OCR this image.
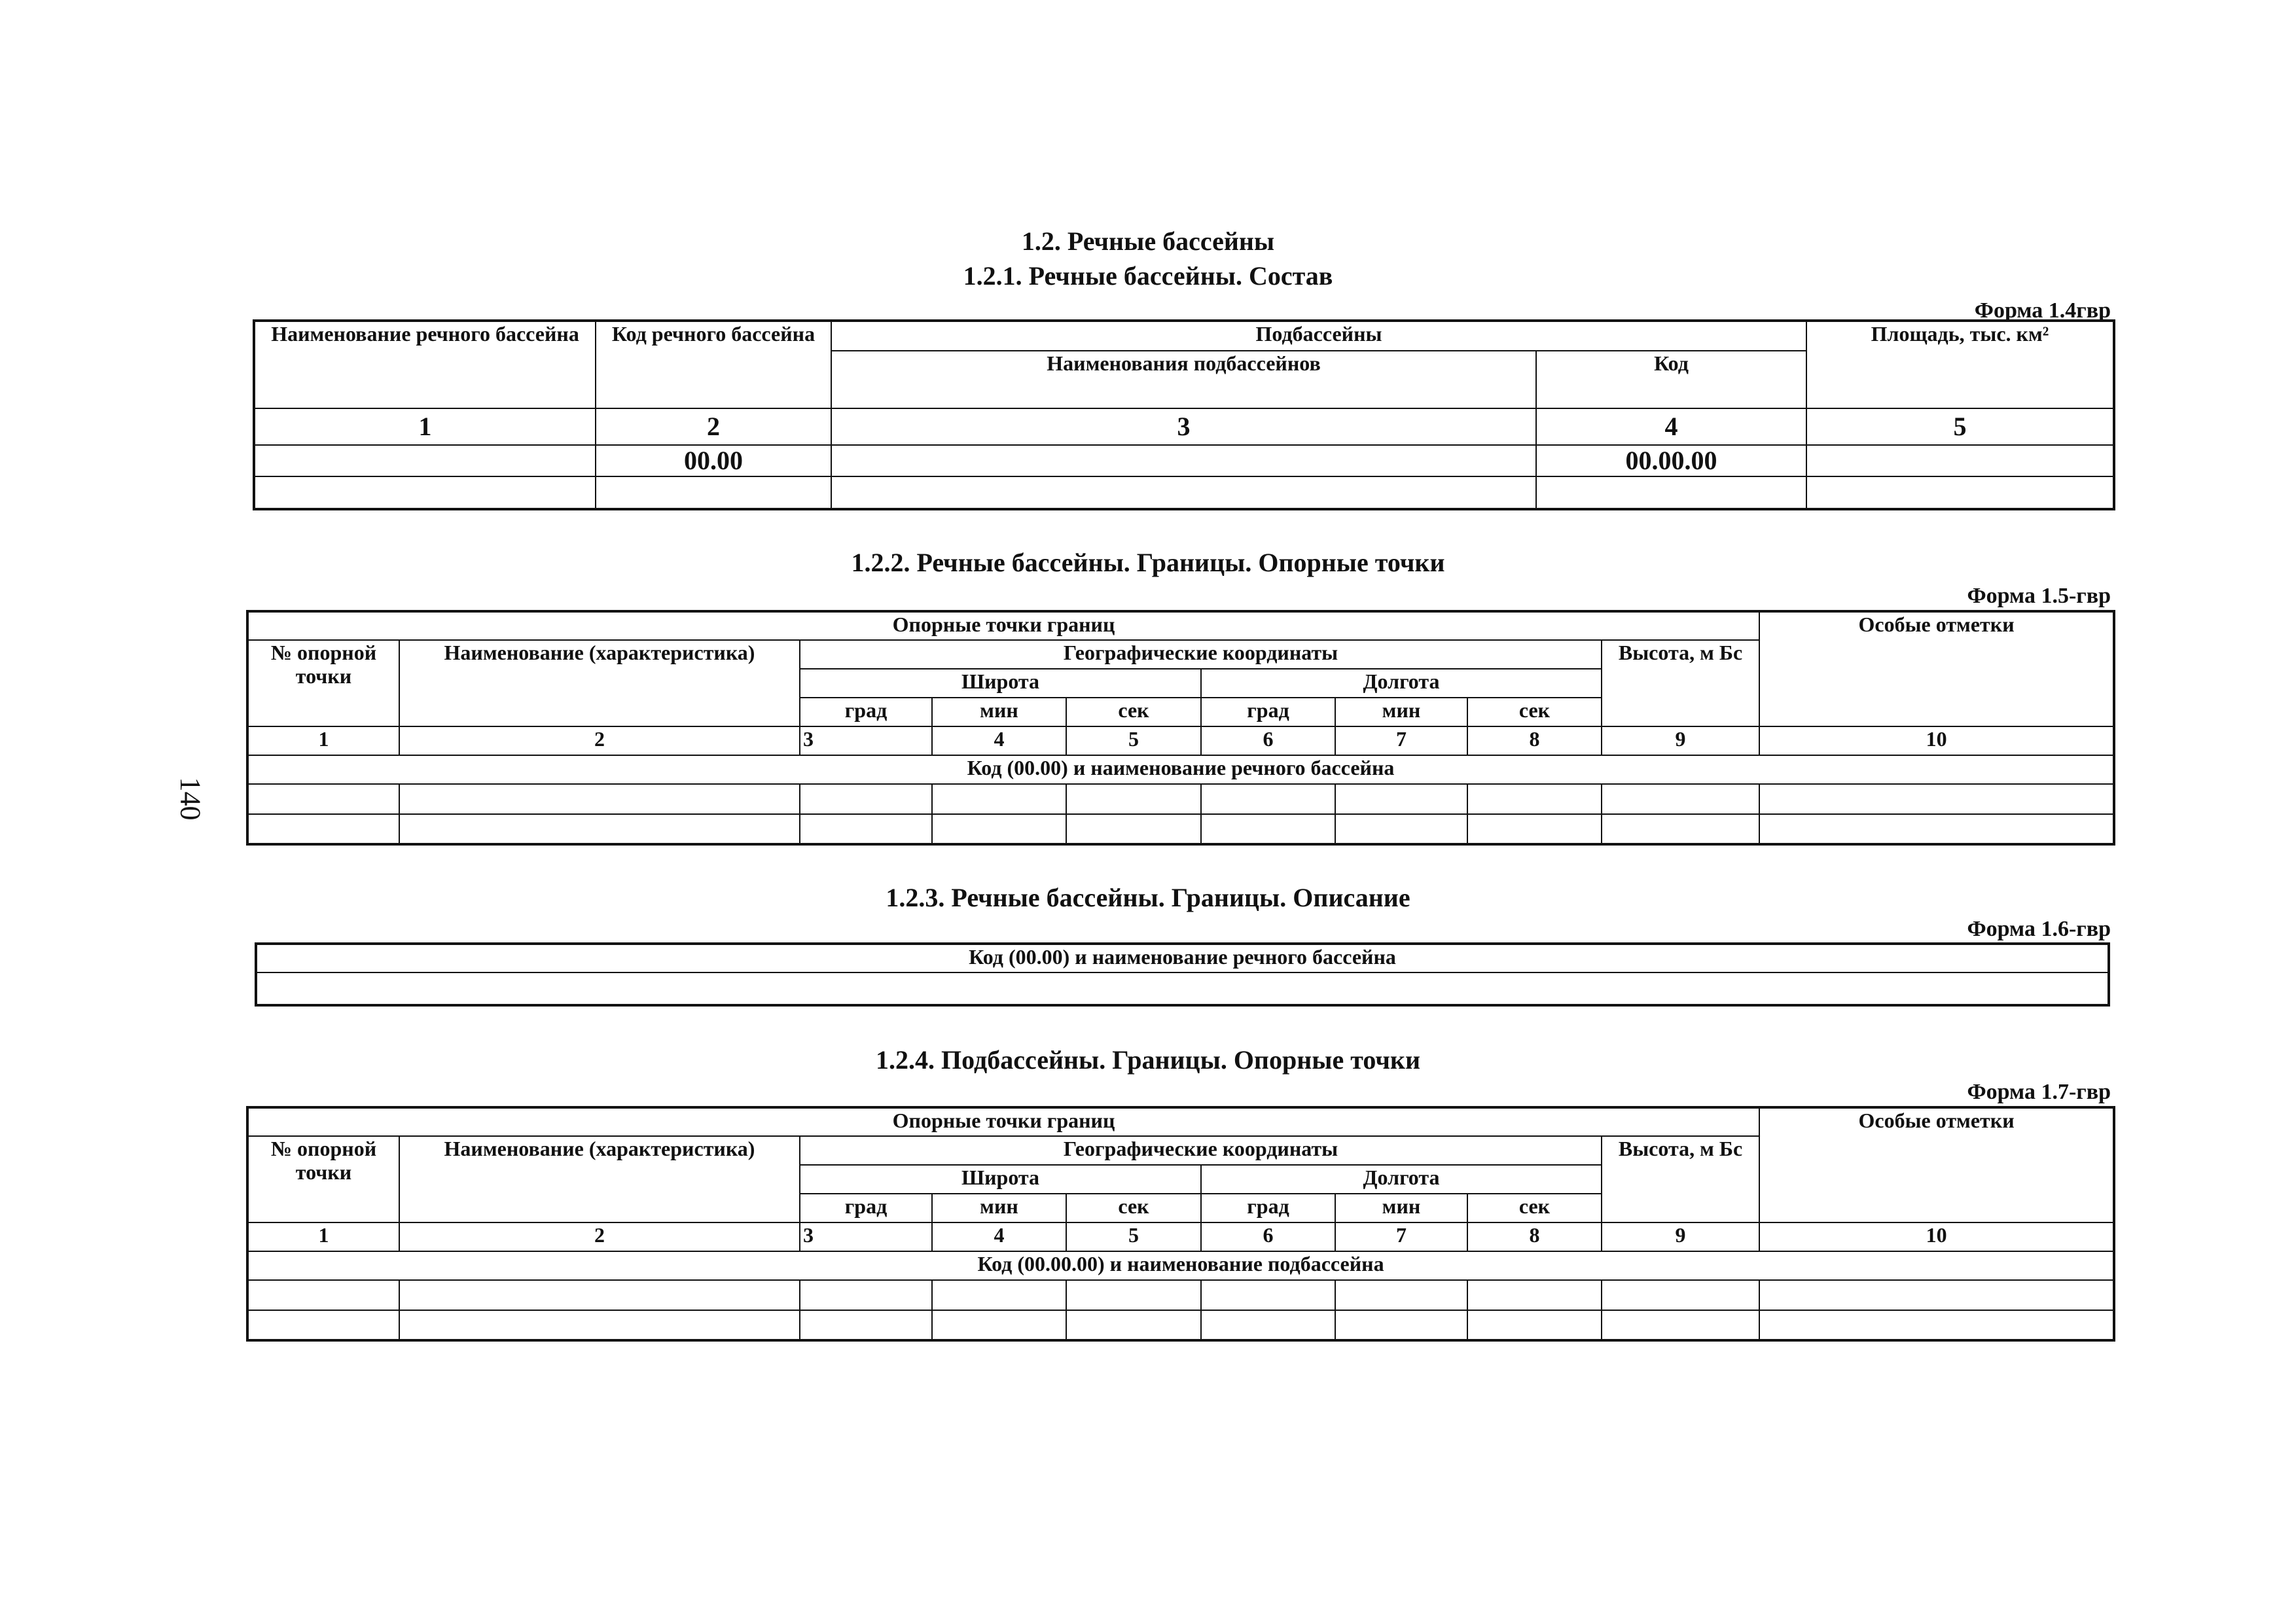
140
1.2. Речные бассейны
1.2.1. Речные бассейны. Состав
Форма 1.4гвр
Наименование речного бассейна	Код речного бассейна	Подбассейны		Площадь, тыс. км²
		Наименования подбассейнов	Код	
1	2	3	4	5
	00.00		00.00.00	

1.2.2. Речные бассейны. Границы. Опорные точки
Форма 1.5-гвр
Опорные точки границ									Особые отметки
№ опорной точки	Наименование (характеристика)	Географические координаты						Высота, м Бс	
		Широта			Долгота				
		град	мин	сек	град	мин	сек		
1	2	3	4	5	6	7	8	9	10
Код (00.00) и наименование речного бассейна									

1.2.3. Речные бассейны. Границы. Описание
Форма 1.6-гвр
Код (00.00) и наименование речного бассейна

1.2.4. Подбассейны. Границы. Опорные точки
Форма 1.7-гвр
Опорные точки границ									Особые отметки
№ опорной точки	Наименование (характеристика)	Географические координаты						Высота, м Бс	
		Широта			Долгота				
		град	мин	сек	град	мин	сек		
1	2	3	4	5	6	7	8	9	10
Код (00.00.00) и наименование подбассейна									
